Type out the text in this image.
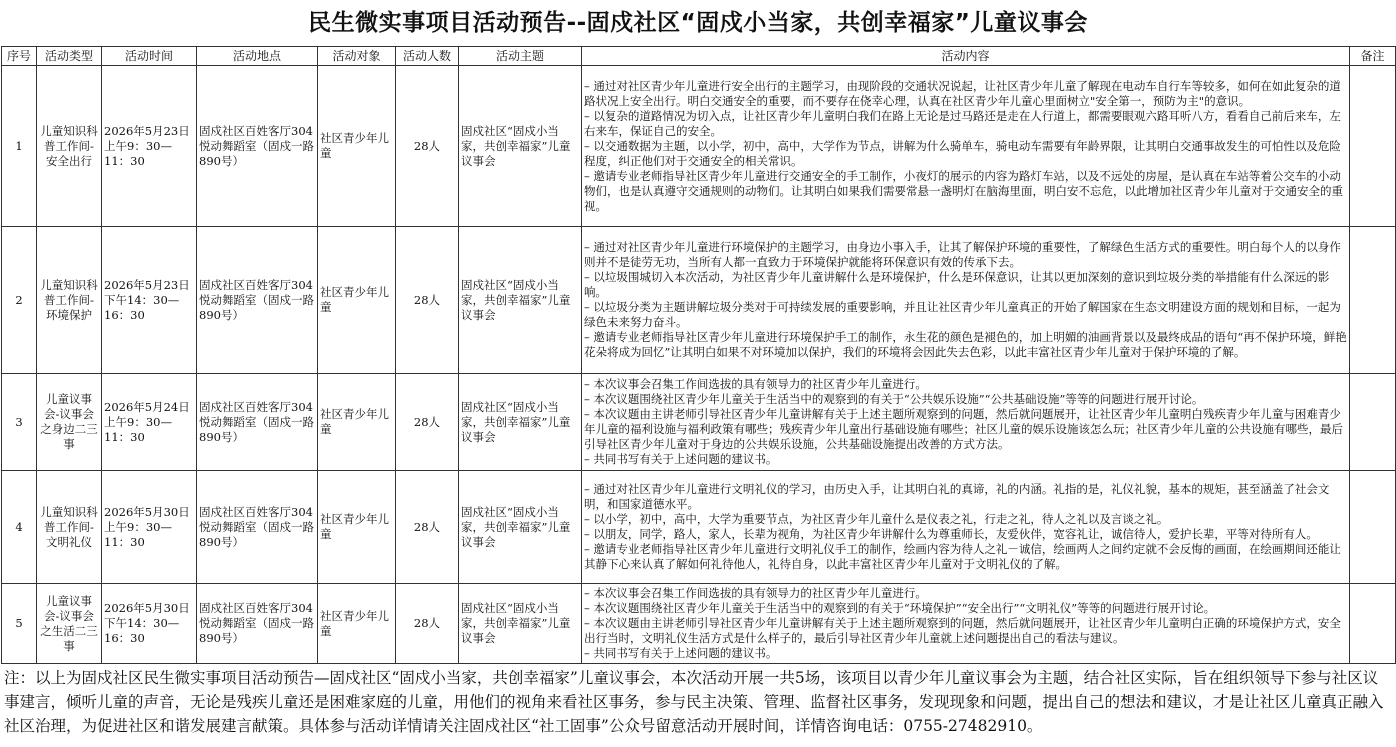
民生微实事项目活动预告--固戍社区“固戍小当家，共创幸福家”儿童议事会
序号	活动类型	活动时间	活动地点	活动对象	活动人数	活动主题	活动内容	备注
1	儿童知识科普工作间-安全出行	2026年5月23日上午9：30—11：30	固戍社区百姓客厅304悦动舞蹈室（固戍一路890号）	社区青少年儿童	28人	固戍社区“固戍小当家，共创幸福家”儿童议事会	– 通过对社区青少年儿童进行安全出行的主题学习，由现阶段的交通状况说起，让社区青少年儿童了解现在电动车自行车等较多，如何在如此复杂的道路状况上安全出行。明白交通安全的重要，而不要存在侥幸心理，认真在社区青少年儿童心里面树立"安全第一，预防为主"的意识。
– 以复杂的道路情况为切入点，让社区青少年儿童明白我们在路上无论是过马路还是走在人行道上，都需要眼观六路耳听八方，看看自己前后来车，左右来车，保证自己的安全。
– 以交通数据为主题，以小学，初中，高中，大学作为节点，讲解为什么骑单车，骑电动车需要有年龄界限，让其明白交通事故发生的可怕性以及危险程度，纠正他们对于交通安全的相关常识。
– 邀请专业老师指导社区青少年儿童进行交通安全的手工制作，小夜灯的展示的内容为路灯车站，以及不远处的房屋，是认真在车站等着公交车的小动物们，也是认真遵守交通规则的动物们。让其明白如果我们需要常悬一盏明灯在脑海里面，明白安不忘危，以此增加社区青少年儿童对于交通安全的重视。	

2	儿童知识科普工作间-环境保护	2026年5月23日下午14：30—16：30	固戍社区百姓客厅304悦动舞蹈室（固戍一路890号）	社区青少年儿童	28人	固戍社区“固戍小当家，共创幸福家”儿童议事会	– 通过对社区青少年儿童进行环境保护的主题学习，由身边小事入手，让其了解保护环境的重要性，了解绿色生活方式的重要性。明白每个人的以身作则并不是徒劳无功，当所有人都一直致力于环境保护就能将环保意识有效的传承下去。
– 以垃圾围城切入本次活动，为社区青少年儿童讲解什么是环境保护，什么是环保意识，让其以更加深刻的意识到垃圾分类的举措能有什么深远的影响。
– 以垃圾分类为主题讲解垃圾分类对于可持续发展的重要影响，并且让社区青少年儿童真正的开始了解国家在生态文明建设方面的规划和目标，一起为绿色未来努力奋斗。
– 邀请专业老师指导社区青少年儿童进行环境保护手工的制作，永生花的颜色是褪色的，加上明媚的油画背景以及最终成品的语句“再不保护环境，鲜艳花朵将成为回忆”让其明白如果不对环境加以保护，我们的环境将会因此失去色彩，以此丰富社区青少年儿童对于保护环境的了解。	

3	儿童议事会-议事会之身边二三事	2026年5月24日上午9：30—11：30	固戍社区百姓客厅304悦动舞蹈室（固戍一路890号）	社区青少年儿童	28人	固戍社区“固戍小当家，共创幸福家”儿童议事会	– 本次议事会召集工作间选拔的具有领导力的社区青少年儿童进行。
– 本次议题围绕社区青少年儿童关于生活当中的观察到的有关于“公共娱乐设施”“公共基础设施”等等的问题进行展开讨论。
– 本次议题由主讲老师引导社区青少年儿童讲解有关于上述主题所观察到的问题，然后就问题展开，让社区青少年儿童明白残疾青少年儿童与困难青少年儿童的福利设施与福利政策有哪些；残疾青少年儿童出行基础设施有哪些；社区儿童的娱乐设施该怎么玩；社区青少年儿童的公共设施有哪些，最后引导社区青少年儿童对于身边的公共娱乐设施，公共基础设施提出改善的方式方法。
– 共同书写有关于上述问题的建议书。	

4	儿童知识科普工作间-文明礼仪	2026年5月30日上午9：30—11：30	固戍社区百姓客厅304悦动舞蹈室（固戍一路890号）	社区青少年儿童	28人	固戍社区“固戍小当家，共创幸福家”儿童议事会	– 通过对社区青少年儿童进行文明礼仪的学习，由历史入手，让其明白礼的真谛，礼的内涵。礼指的是，礼仪礼貌，基本的规矩，甚至涵盖了社会文明，和国家道德水平。
– 以小学，初中，高中，大学为重要节点，为社区青少年儿童什么是仪表之礼，行走之礼，待人之礼以及言谈之礼。
– 以朋友，同学，路人，家人，长辈为视角，为社区青少年讲解什么为尊重师长，友爱伙伴，宽容礼让，诚信待人，爱护长辈，平等对待所有人。
– 邀请专业老师指导社区青少年儿童进行文明礼仪手工的制作，绘画内容为待人之礼－诚信，绘画两人之间约定就不会反悔的画面，在绘画期间还能让其静下心来认真了解如何礼待他人，礼待自身，以此丰富社区青少年儿童对于文明礼仪的了解。	

5	儿童议事会-议事会之生活二三事	2026年5月30日下午14：30—16：30	固戍社区百姓客厅304悦动舞蹈室（固戍一路890号）	社区青少年儿童	28人	固戍社区“固戍小当家，共创幸福家”儿童议事会	– 本次议事会召集工作间选拔的具有领导力的社区青少年儿童进行。
– 本次议题围绕社区青少年儿童关于生活当中的观察到的有关于“环境保护”“安全出行”“文明礼仪”等等的问题进行展开讨论。
– 本次议题由主讲老师引导社区青少年儿童讲解有关于上述主题所观察到的问题，然后就问题展开，让社区青少年儿童明白正确的环境保护方式，安全出行当时，文明礼仪生活方式是什么样子的，最后引导社区青少年儿童就上述问题提出自己的看法与建议。
– 共同书写有关于上述问题的建议书。	

注：以上为固戍社区民生微实事项目活动预告—固戍社区“固戍小当家，共创幸福家”儿童议事会，本次活动开展一共5场，该项目以青少年儿童议事会为主题，结合社区实际，旨在组织领导下参与社区议事建言，倾听儿童的声音，无论是残疾儿童还是困难家庭的儿童，用他们的视角来看社区事务，参与民主决策、管理、监督社区事务，发现现象和问题，提出自己的想法和建议，才是让社区儿童真正融入社区治理，为促进社区和谐发展建言献策。具体参与活动详情请关注固戍社区“社工固事”公众号留意活动开展时间，详情咨询电话：0755-27482910。
